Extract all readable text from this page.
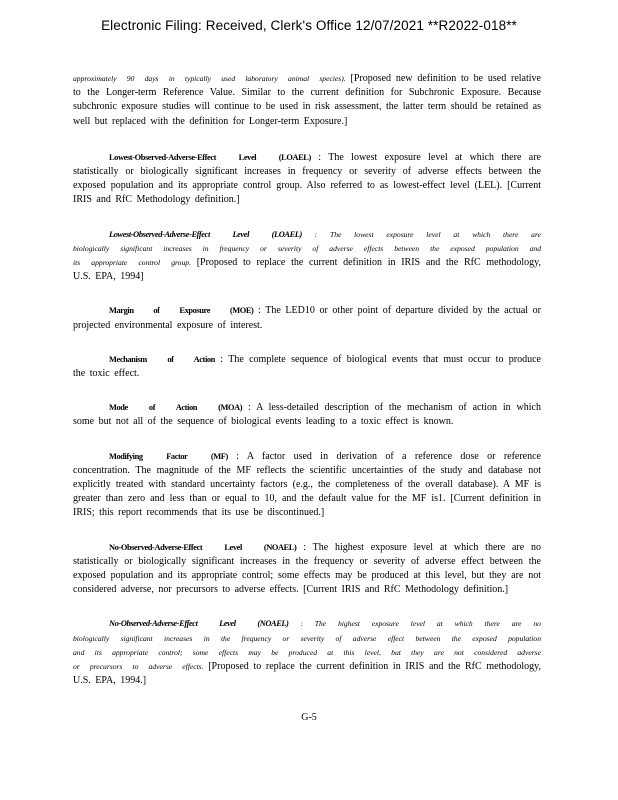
Electronic Filing: Received, Clerk's Office 12/07/2021 **R2022-018**

approximately 90 days in typically used laboratory animal species). [Proposed new definition to be used relative to the Longer-term Reference Value. Similar to the current definition for Subchronic Exposure. Because subchronic exposure studies will continue to be used in risk assessment, the latter term should be retained as well but replaced with the definition for Longer-term Exposure.]

Lowest-Observed-Adverse-Effect Level (LOAEL) : The lowest exposure level at which there are statistically or biologically significant increases in frequency or severity of adverse effects between the exposed population and its appropriate control group. Also referred to as lowest-effect level (LEL). [Current IRIS and RfC Methodology definition.]

Lowest-Observed-Adverse-Effect Level (LOAEL) : The lowest exposure level at which there are biologically significant increases in frequency or severity of adverse effects between the exposed population and its appropriate control group. [Proposed to replace the current definition in IRIS and the RfC methodology, U.S. EPA, 1994]

Margin of Exposure (MOE) : The LED10 or other point of departure divided by the actual or projected environmental exposure of interest.

Mechanism of Action : The complete sequence of biological events that must occur to produce the toxic effect.

Mode of Action (MOA) : A less-detailed description of the mechanism of action in which some but not all of the sequence of biological events leading to a toxic effect is known.

Modifying Factor (MF) : A factor used in derivation of a reference dose or reference concentration. The magnitude of the MF reflects the scientific uncertainties of the study and database not explicitly treated with standard uncertainty factors (e.g., the completeness of the overall database). A MF is greater than zero and less than or equal to 10, and the default value for the MF is1. [Current definition in IRIS; this report recommends that its use be discontinued.]

No-Observed-Adverse-Effect Level (NOAEL) : The highest exposure level at which there are no statistically or biologically significant increases in the frequency or severity of adverse effect between the exposed population and its appropriate control; some effects may be produced at this level, but they are not considered adverse, nor precursors to adverse effects. [Current IRIS and RfC Methodology definition.]

No-Observed-Adverse-Effect Level (NOAEL) : The highest exposure level at which there are no biologically significant increases in the frequency or severity of adverse effect between the exposed population and its appropriate control; some effects may be produced at this level, but they are not considered adverse or precursors to adverse effects. [Proposed to replace the current definition in IRIS and the RfC methodology, U.S. EPA, 1994.]

G-5
